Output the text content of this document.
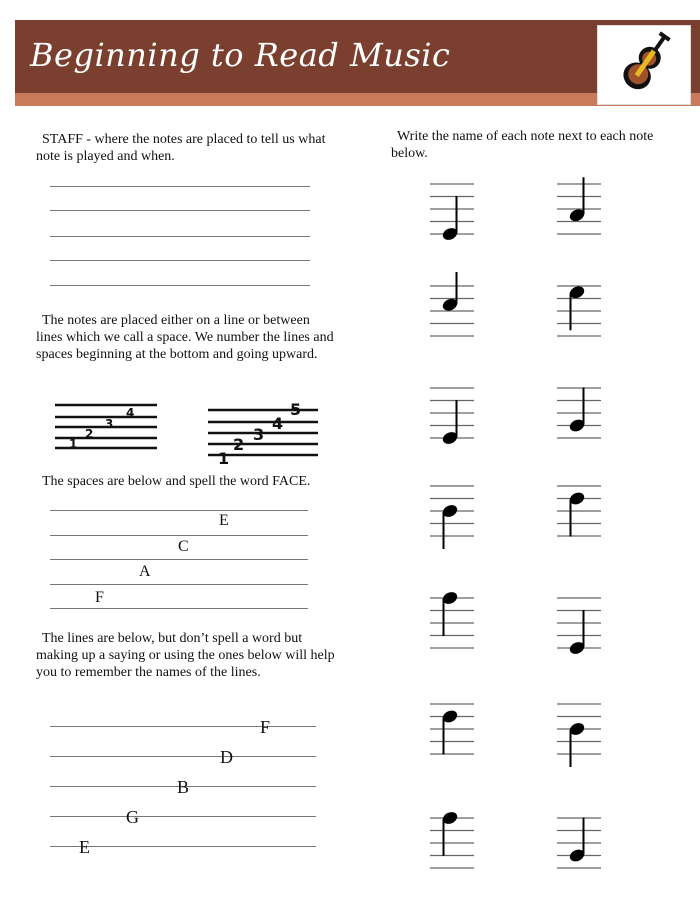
Beginning to Read Music
STAFF - where the notes are placed to tell us what note is played and when.
The notes are placed either on a line or between lines which we call a space. We number the lines and spaces beginning at the bottom and going upward.
1
2
3
4
1
2
3
4
5
The spaces are below and spell the word FACE.
E
C
A
F
The lines are below, but don’t spell a word but making up a saying or using the ones below will help you to remember the names of the lines.
F
D
B
G
E
Write the name of each note next to each note below.
